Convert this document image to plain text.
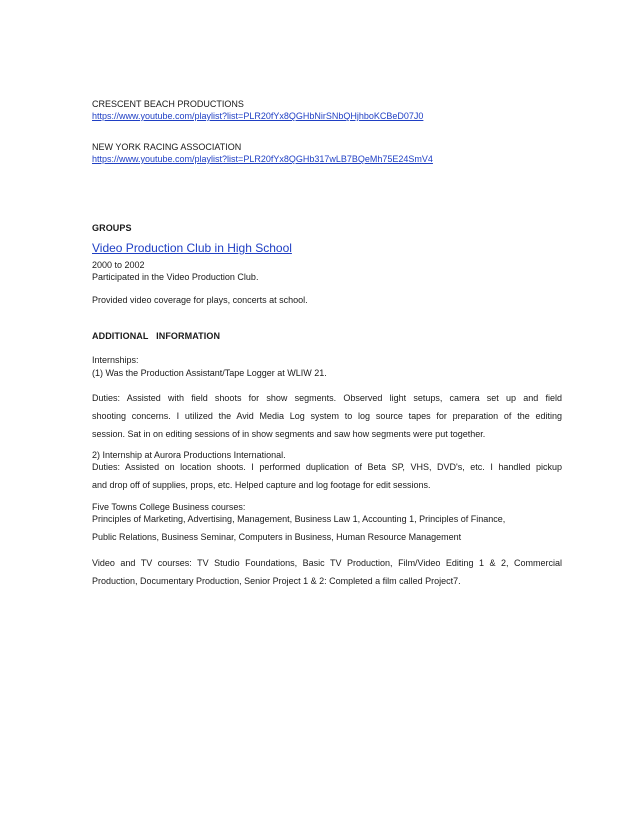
CRESCENT BEACH PRODUCTIONS
https://www.youtube.com/playlist?list=PLR20fYx8QGHbNirSNbQHjhboKCBeD07J0
NEW YORK RACING ASSOCIATION
https://www.youtube.com/playlist?list=PLR20fYx8QGHb317wLB7BQeMh75E24SmV4
GROUPS
Video Production Club in High School
2000 to 2002
Participated in the Video Production Club.
Provided video coverage for plays, concerts at school.
ADDITIONAL   INFORMATION
Internships:
(1) Was the Production Assistant/Tape Logger at WLIW 21.
Duties: Assisted with field shoots for show segments. Observed light setups, camera set up and field
shooting concerns. I utilized the Avid Media Log system to log source tapes for preparation of the editing
session. Sat in on editing sessions of in show segments and saw how segments were put together.
2) Internship at Aurora Productions International.
Duties: Assisted on location shoots. I performed duplication of Beta SP, VHS, DVD's, etc. I handled pickup
and drop off of supplies, props, etc. Helped capture and log footage for edit sessions.
Five Towns College Business courses:
Principles of Marketing, Advertising, Management, Business Law 1, Accounting 1, Principles of Finance,
Public Relations, Business Seminar, Computers in Business, Human Resource Management
Video and TV courses: TV Studio Foundations, Basic TV Production, Film/Video Editing 1 & 2, Commercial
Production, Documentary Production, Senior Project 1 & 2: Completed a film called Project7.
